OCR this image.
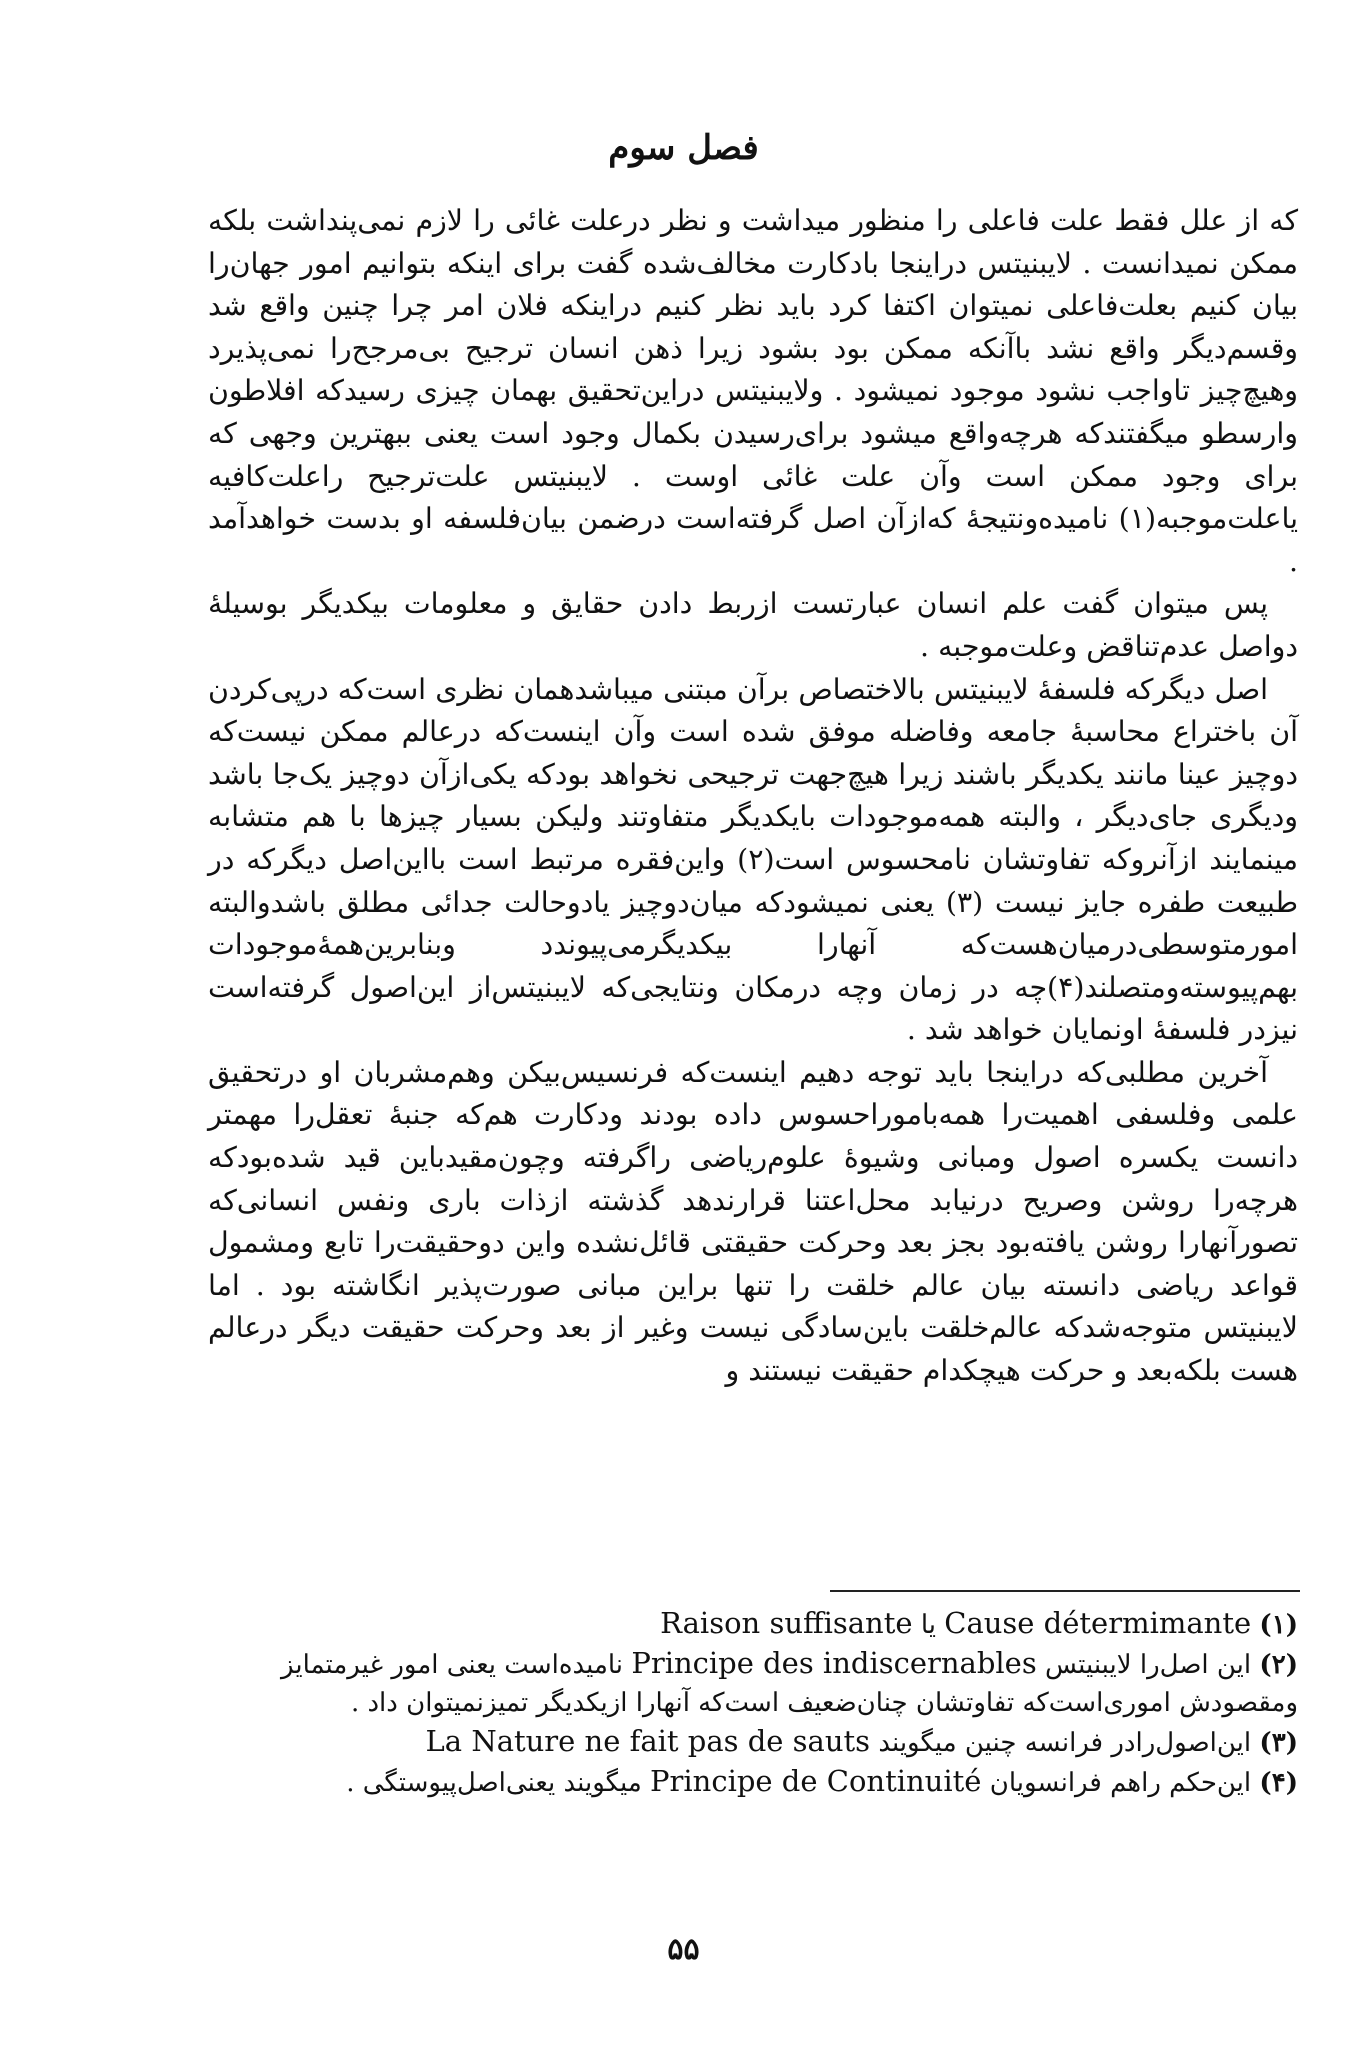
فصل سوم

که از علل فقط علت فاعلی را منظور میداشت و نظر درعلت غائی را لازم نمی‌پنداشت بلکه ممکن نمیدانست . لایبنیتس دراینجا بادکارت مخالف‌شده گفت برای اینکه بتوانیم امور جهان‌را بیان کنیم بعلت‌فاعلی نمیتوان اکتفا کرد باید نظر کنیم دراینکه فلان امر چرا چنین واقع شد وقسم‌دیگر واقع نشد باآنکه ممکن بود بشود زیرا ذهن انسان ترجیح بی‌مرجح‌را نمی‌پذیرد وهیچ‌چیز تاواجب نشود موجود نمیشود . ولایبنیتس دراین‌تحقیق بهمان چیزی رسیدکه افلاطون وارسطو میگفتندکه هرچه‌واقع میشود برای‌رسیدن بکمال وجود است یعنی ببهترین وجهی که برای وجود ممکن است وآن علت غائی اوست . لایبنیتس علت‌ترجیح راعلت‌کافیه یاعلت‌موجبه(۱) نامیده‌ونتیجهٔ که‌ازآن اصل گرفته‌است درضمن بیان‌فلسفه او بدست خواهدآمد .

پس میتوان گفت علم انسان عبارتست ازربط دادن حقایق و معلومات بیکدیگر بوسیلهٔ دواصل عدم‌تناقض وعلت‌موجبه .

اصل دیگرکه فلسفهٔ لایبنیتس بالاختصاص برآن مبتنی میباشدهمان نظری است‌که درپی‌کردن آن باختراع محاسبهٔ جامعه وفاضله موفق شده است وآن اینست‌که درعالم ممکن نیست‌که دوچیز عینا مانند یکدیگر باشند زیرا هیچ‌جهت ترجیحی نخواهد بودکه یکی‌ازآن دوچیز یک‌جا باشد ودیگری جای‌دیگر ، والبته همه‌موجودات بایکدیگر متفاوتند ولیکن بسیار چیزها با هم متشابه مینمایند ازآنروکه تفاوتشان نامحسوس است(۲) واین‌فقره مرتبط است بااین‌اصل دیگرکه در طبیعت طفره جایز نیست (۳) یعنی نمیشودکه میان‌دوچیز یادوحالت جدائی مطلق باشدوالبته امورمتوسطی‌درمیان‌هست‌که آنهارا بیکدیگرمی‌پیوندد وبنابرین‌همهٔ‌موجودات بهم‌پیوسته‌ومتصلند(۴)چه در زمان وچه درمکان ونتایجی‌که لایبنیتس‌از این‌اصول گرفته‌است نیزدر فلسفهٔ اونمایان خواهد شد .

آخرین مطلبی‌که دراینجا باید توجه دهیم اینست‌که فرنسیس‌بیکن وهم‌مشربان او درتحقیق علمی وفلسفی اهمیت‌را همه‌باموراحسوس داده بودند ودکارت هم‌که جنبهٔ تعقل‌را مهمتر دانست یکسره اصول ومبانی وشیوهٔ علوم‌ریاضی راگرفته وچون‌مقیدباین قید شده‌بودکه هرچه‌را روشن وصریح درنیابد محل‌اعتنا قرارندهد گذشته ازذات باری ونفس انسانی‌که تصورآنهارا روشن یافته‌بود بجز بعد وحرکت حقیقتی قائل‌نشده واین دوحقیقت‌را تابع ومشمول قواعد ریاضی دانسته بیان عالم خلقت را تنها براین مبانی صورت‌پذیر انگاشته بود . اما لایبنیتس متوجه‌شدکه عالم‌خلقت باین‌سادگی نیست وغیر از بعد وحرکت حقیقت دیگر درعالم هست بلکه‌بعد و حرکت هیچکدام حقیقت نیستند و

(۱) Cause détermimante یا Raison suffisante

(۲) این اصل‌را لایبنیتس Principe des indiscernables نامیده‌است یعنی امور غیرمتمایز

ومقصودش اموری‌است‌که تفاوتشان چنان‌ضعیف است‌که آنهارا ازیکدیگر تمیزنمیتوان داد .

(۳) این‌اصول‌رادر فرانسه چنین میگویند La Nature ne fait pas de sauts

(۴) این‌حکم راهم فرانسویان Principe de Continuité میگویند یعنی‌اصل‌پیوستگی .

۵۵
